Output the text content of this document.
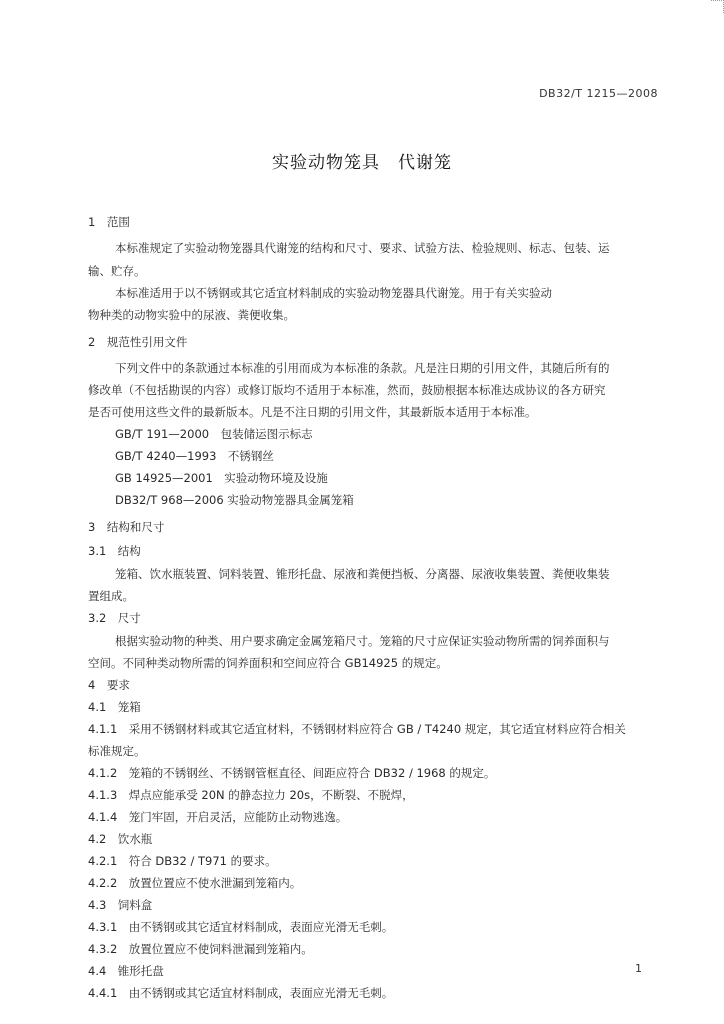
DB32/T 1215—2008
实验动物笼具　代谢笼
1　范围
本标准规定了实验动物笼器具代谢笼的结构和尺寸、要求、试验方法、检验规则、标志、包装、运
输、贮存。
本标准适用于以不锈钢或其它适宜材料制成的实验动物笼器具代谢笼。用于有关实验动
物种类的动物实验中的尿液、粪便收集。
2　规范性引用文件
下列文件中的条款通过本标准的引用而成为本标准的条款。凡是注日期的引用文件，其随后所有的
修改单（不包括勘误的内容）或修订版均不适用于本标准，然而，鼓励根据本标准达成协议的各方研究
是否可使用这些文件的最新版本。凡是不注日期的引用文件，其最新版本适用于本标准。
GB/T 191—2000　包装储运图示标志
GB/T 4240—1993　不锈钢丝
GB 14925—2001　实验动物环境及设施
DB32/T 968—2006 实验动物笼器具金属笼箱
3　结构和尺寸
3.1　结构
笼箱、饮水瓶装置、饲料装置、锥形托盘、尿液和粪便挡板、分离器、尿液收集装置、粪便收集装
置组成。
3.2　尺寸
根据实验动物的种类、用户要求确定金属笼箱尺寸。笼箱的尺寸应保证实验动物所需的饲养面积与
空间。不同种类动物所需的饲养面积和空间应符合 GB14925 的规定。
4　要求
4.1　笼箱
4.1.1　采用不锈钢材料或其它适宜材料，不锈钢材料应符合 GB / T4240 规定，其它适宜材料应符合相关
标准规定。
4.1.2　笼箱的不锈钢丝、不锈钢管框直径、间距应符合 DB32 / 1968 的规定。
4.1.3　焊点应能承受 20N 的静态拉力 20s，不断裂、不脱焊，
4.1.4　笼门牢固，开启灵活，应能防止动物逃逸。
4.2　饮水瓶
4.2.1　符合 DB32 / T971 的要求。
4.2.2　放置位置应不使水泄漏到笼箱内。
4.3　饲料盒
4.3.1　由不锈钢或其它适宜材料制成，表面应光滑无毛刺。
4.3.2　放置位置应不使饲料泄漏到笼箱内。
4.4　锥形托盘
4.4.1　由不锈钢或其它适宜材料制成，表面应光滑无毛刺。
1
